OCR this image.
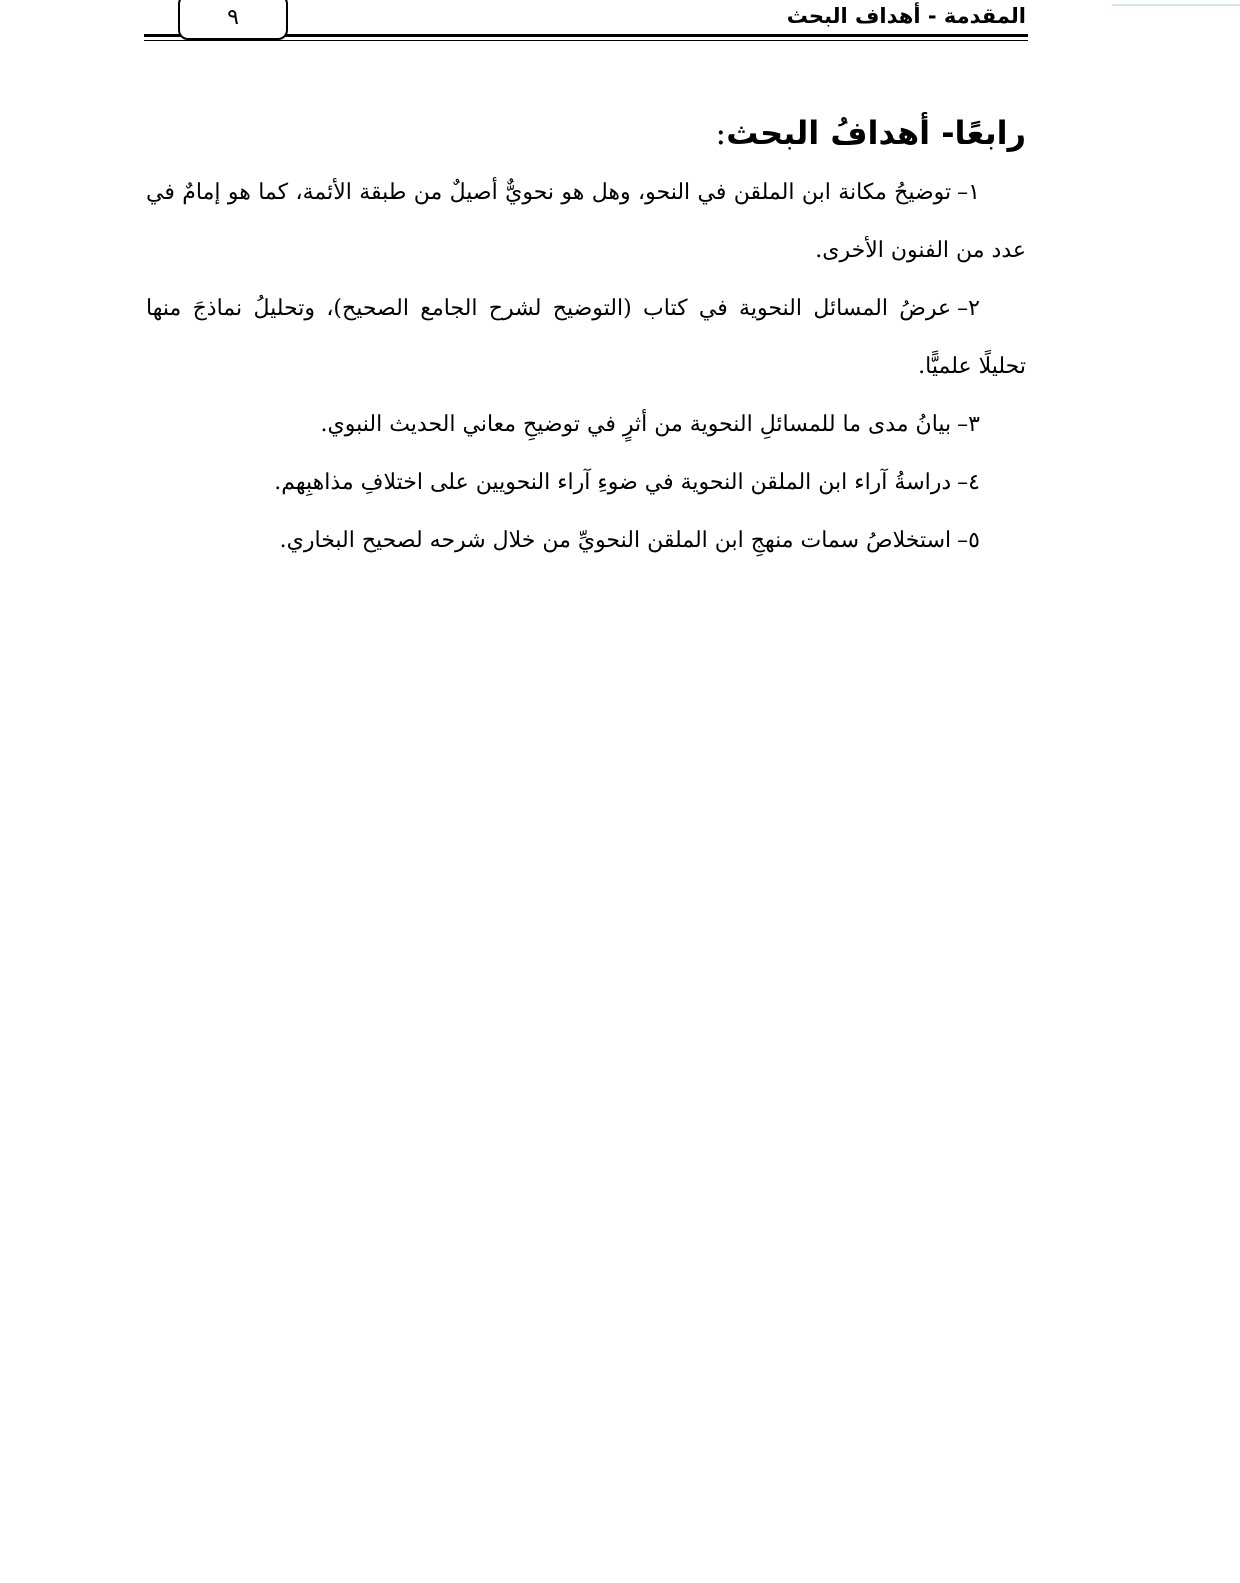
المقدمة - أهداف البحث
٩
رابعًا- أهدافُ البحث:

١–توضيحُ مكانة ابن الملقن في النحو، وهل هو نحويٌّ أصيلٌ من طبقة الأئمة، كما هو إمامٌ في عدد من الفنون الأخرى.

٢–عرضُ المسائل النحوية في كتاب (التوضيح لشرح الجامع الصحيح)، وتحليلُ نماذجَ منها تحليلًا علميًّا.

٣–بيانُ مدى ما للمسائلِ النحوية من أثرٍ في توضيحِ معاني الحديث النبوي.

٤–دراسةُ آراء ابن الملقن النحوية في ضوءِ آراء النحويين على اختلافِ مذاهبِهم.

٥–استخلاصُ سمات منهجِ ابن الملقن النحويِّ من خلال شرحه لصحيح البخاري.
